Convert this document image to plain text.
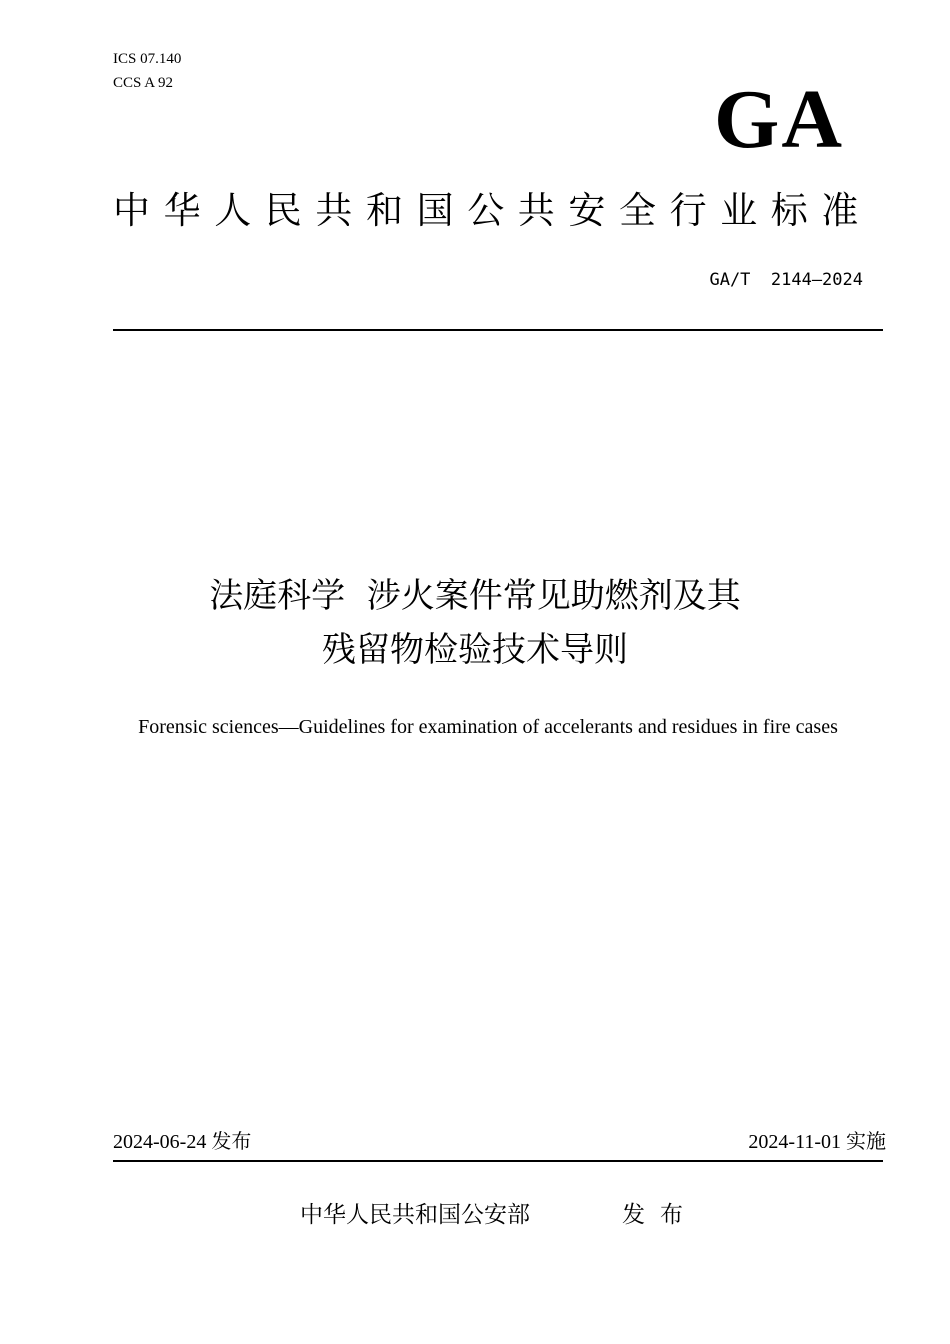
ICS 07.140
CCS A 92	GA
中华人民共和国公共安全行业标准
GA/T  2144—2024
法庭科学  涉火案件常见助燃剂及其
残留物检验技术导则
Forensic sciences—Guidelines for examination of accelerants and residues in fire cases
2024-06-24 发布	2024-11-01 实施
中华人民共和国公安部	发布
